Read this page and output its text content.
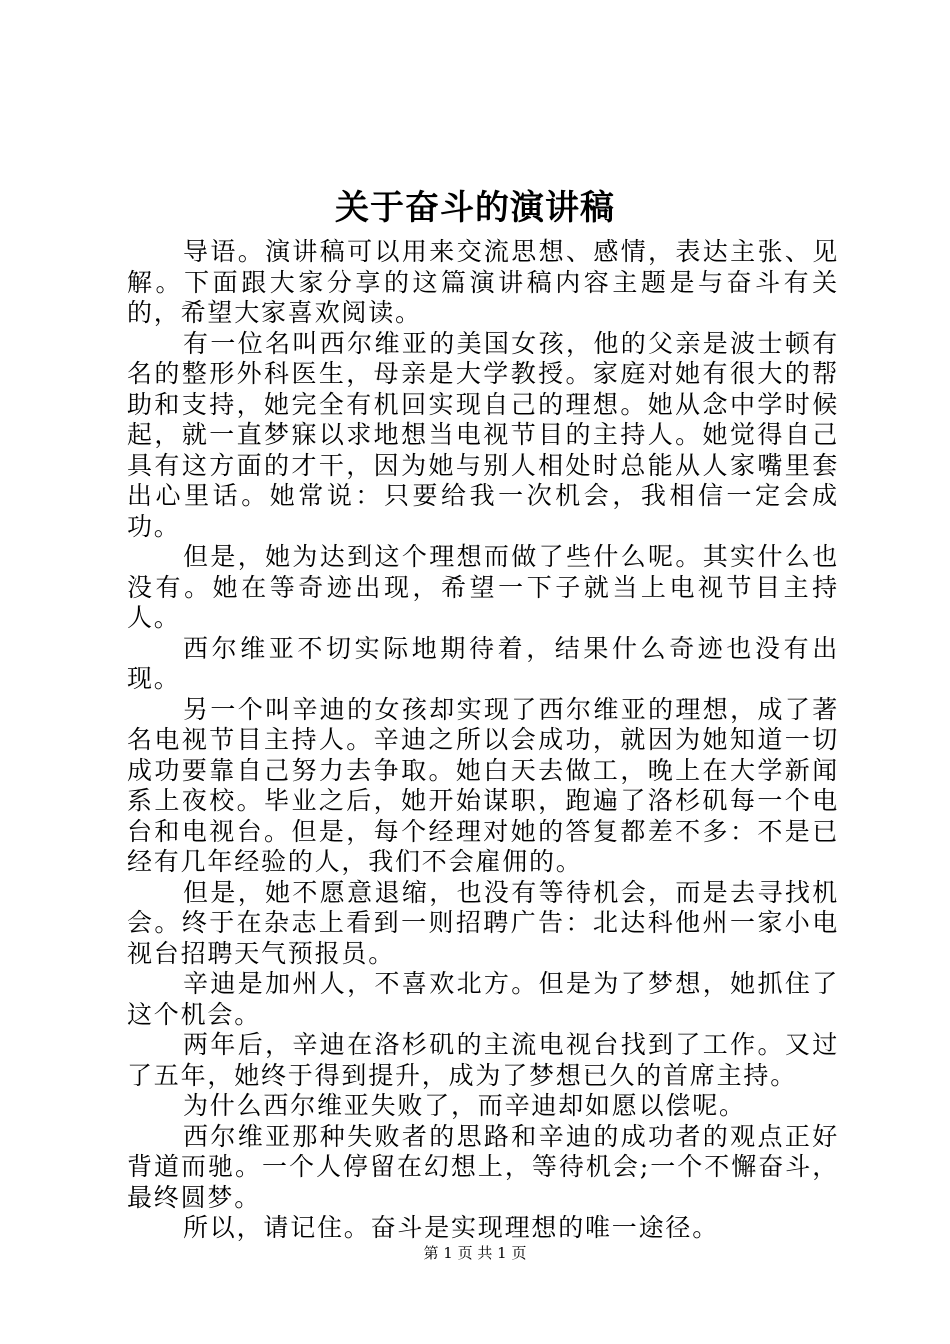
关于奋斗的演讲稿

导语。演讲稿可以用来交流思想、感情，表达主张、见解。下面跟大家分享的这篇演讲稿内容主题是与奋斗有关的，希望大家喜欢阅读。

有一位名叫西尔维亚的美国女孩，他的父亲是波士顿有名的整形外科医生，母亲是大学教授。家庭对她有很大的帮助和支持，她完全有机回实现自己的理想。她从念中学时候起，就一直梦寐以求地想当电视节目的主持人。她觉得自己具有这方面的才干，因为她与别人相处时总能从人家嘴里套出心里话。她常说：只要给我一次机会，我相信一定会成功。

但是，她为达到这个理想而做了些什么呢。其实什么也没有。她在等奇迹出现，希望一下子就当上电视节目主持人。

西尔维亚不切实际地期待着，结果什么奇迹也没有出现。

另一个叫辛迪的女孩却实现了西尔维亚的理想，成了著名电视节目主持人。辛迪之所以会成功，就因为她知道一切成功要靠自己努力去争取。她白天去做工，晚上在大学新闻系上夜校。毕业之后，她开始谋职，跑遍了洛杉矶每一个电台和电视台。但是，每个经理对她的答复都差不多：不是已经有几年经验的人，我们不会雇佣的。

但是，她不愿意退缩，也没有等待机会，而是去寻找机会。终于在杂志上看到一则招聘广告：北达科他州一家小电视台招聘天气预报员。

辛迪是加州人，不喜欢北方。但是为了梦想，她抓住了这个机会。

两年后，辛迪在洛杉矶的主流电视台找到了工作。又过了五年，她终于得到提升，成为了梦想已久的首席主持。

为什么西尔维亚失败了，而辛迪却如愿以偿呢。

西尔维亚那种失败者的思路和辛迪的成功者的观点正好背道而驰。一个人停留在幻想上，等待机会;一个不懈奋斗，最终圆梦。

所以，请记住。奋斗是实现理想的唯一途径。

第 1 页 共 1 页
